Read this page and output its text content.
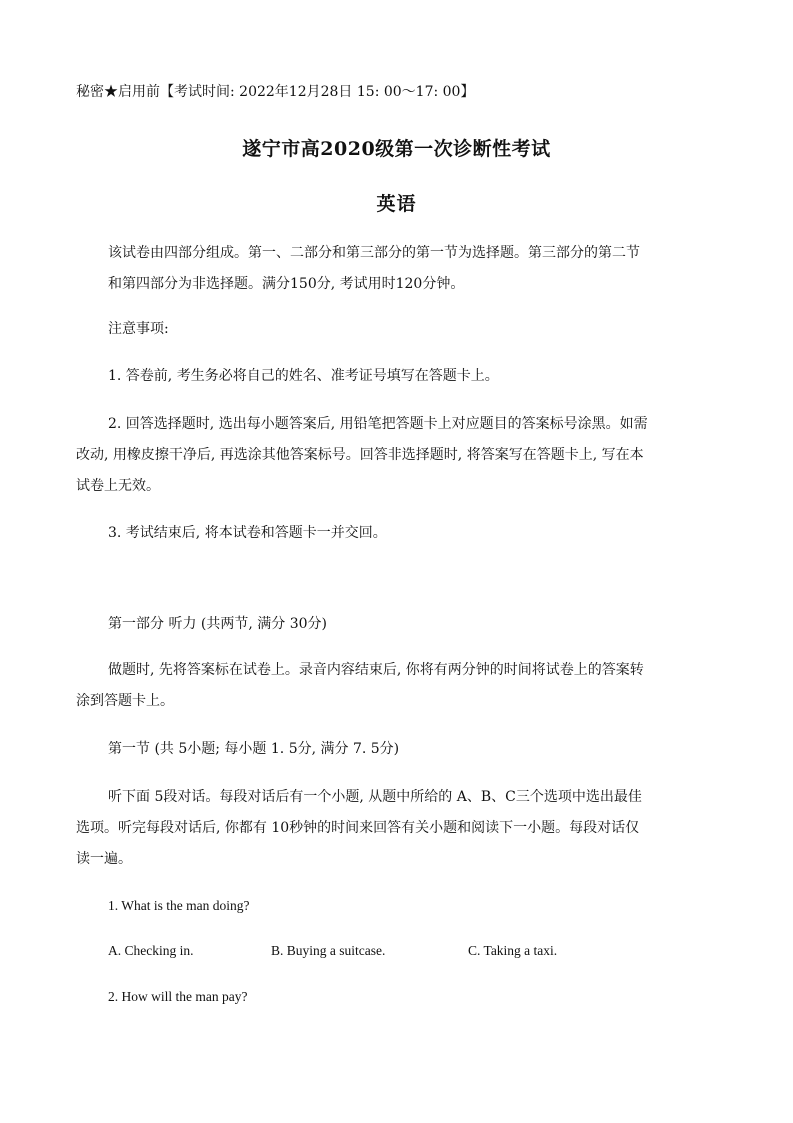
秘密★启用前【考试时间: 2022年12月28日 15: 00～17: 00】
遂宁市高2020级第一次诊断性考试
英语
该试卷由四部分组成。第一、二部分和第三部分的第一节为选择题。第三部分的第二节
和第四部分为非选择题。满分150分, 考试用时120分钟。
注意事项:
1. 答卷前, 考生务必将自己的姓名、准考证号填写在答题卡上。
2. 回答选择题时, 选出每小题答案后, 用铅笔把答题卡上对应题目的答案标号涂黑。如需
改动, 用橡皮擦干净后, 再选涂其他答案标号。回答非选择题时, 将答案写在答题卡上, 写在本
试卷上无效。
3. 考试结束后, 将本试卷和答题卡一并交回。
第一部分 听力 (共两节, 满分 30分)
做题时, 先将答案标在试卷上。录音内容结束后, 你将有两分钟的时间将试卷上的答案转
涂到答题卡上。
第一节 (共 5小题; 每小题 1. 5分, 满分 7. 5分)
听下面 5段对话。每段对话后有一个小题, 从题中所给的 A、B、C三个选项中选出最佳
选项。听完每段对话后, 你都有 10秒钟的时间来回答有关小题和阅读下一小题。每段对话仅
读一遍。
1. What is the man doing?
A. Checking in.	B. Buying a suitcase.	C. Taking a taxi.
2. How will the man pay?
